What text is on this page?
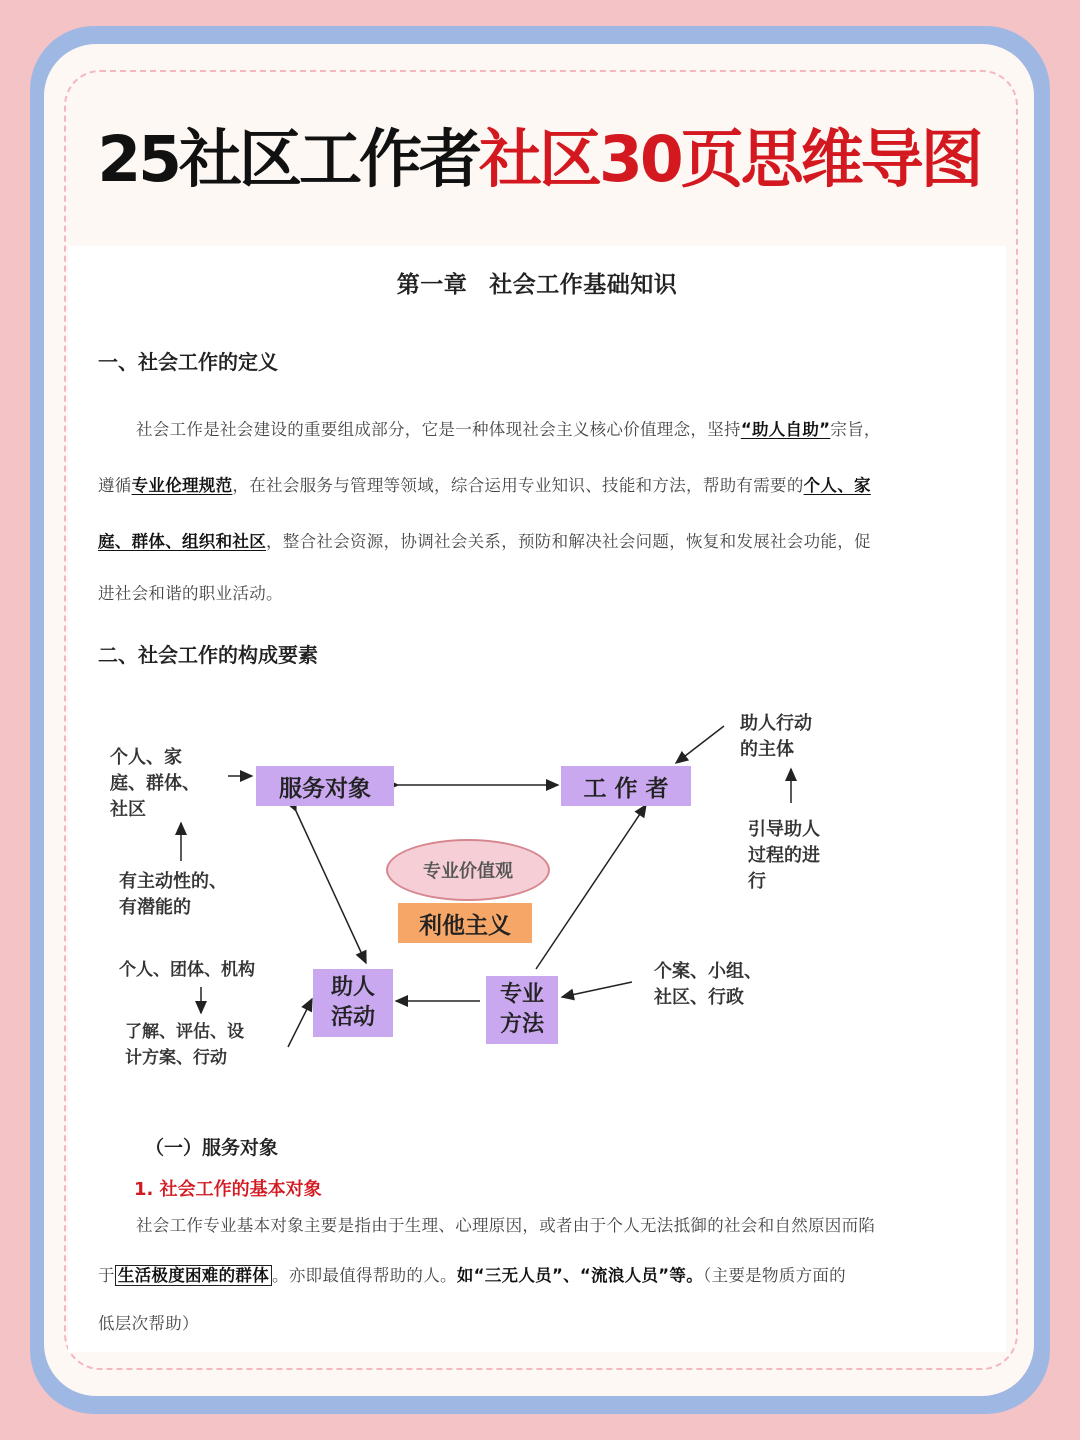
25社区工作者社区30页思维导图
第一章 社会工作基础知识
一、社会工作的定义
社会工作是社会建设的重要组成部分，它是一种体现社会主义核心价值理念，坚持“助人自助”宗旨，
遵循专业伦理规范，在社会服务与管理等领域，综合运用专业知识、技能和方法，帮助有需要的个人、家
庭、群体、组织和社区，整合社会资源，协调社会关系，预防和解决社会问题，恢复和发展社会功能，促
进社会和谐的职业活动。
二、社会工作的构成要素
服务对象	工 作 者
助人
活动
专业
方法
专业价值观
利他主义
个人、家
庭、群体、
社区
有主动性的、
有潜能的
助人行动
的主体
引导助人
过程的进
行
个人、团体、机构
了解、评估、设
计方案、行动
个案、小组、
社区、行政
（一）服务对象
1. 社会工作的基本对象
社会工作专业基本对象主要是指由于生理、心理原因，或者由于个人无法抵御的社会和自然原因而陷
于 生活极度困难的群体 。亦即最值得帮助的人。如“三无人员”、“流浪人员”等。（主要是物质方面的
低层次帮助）
